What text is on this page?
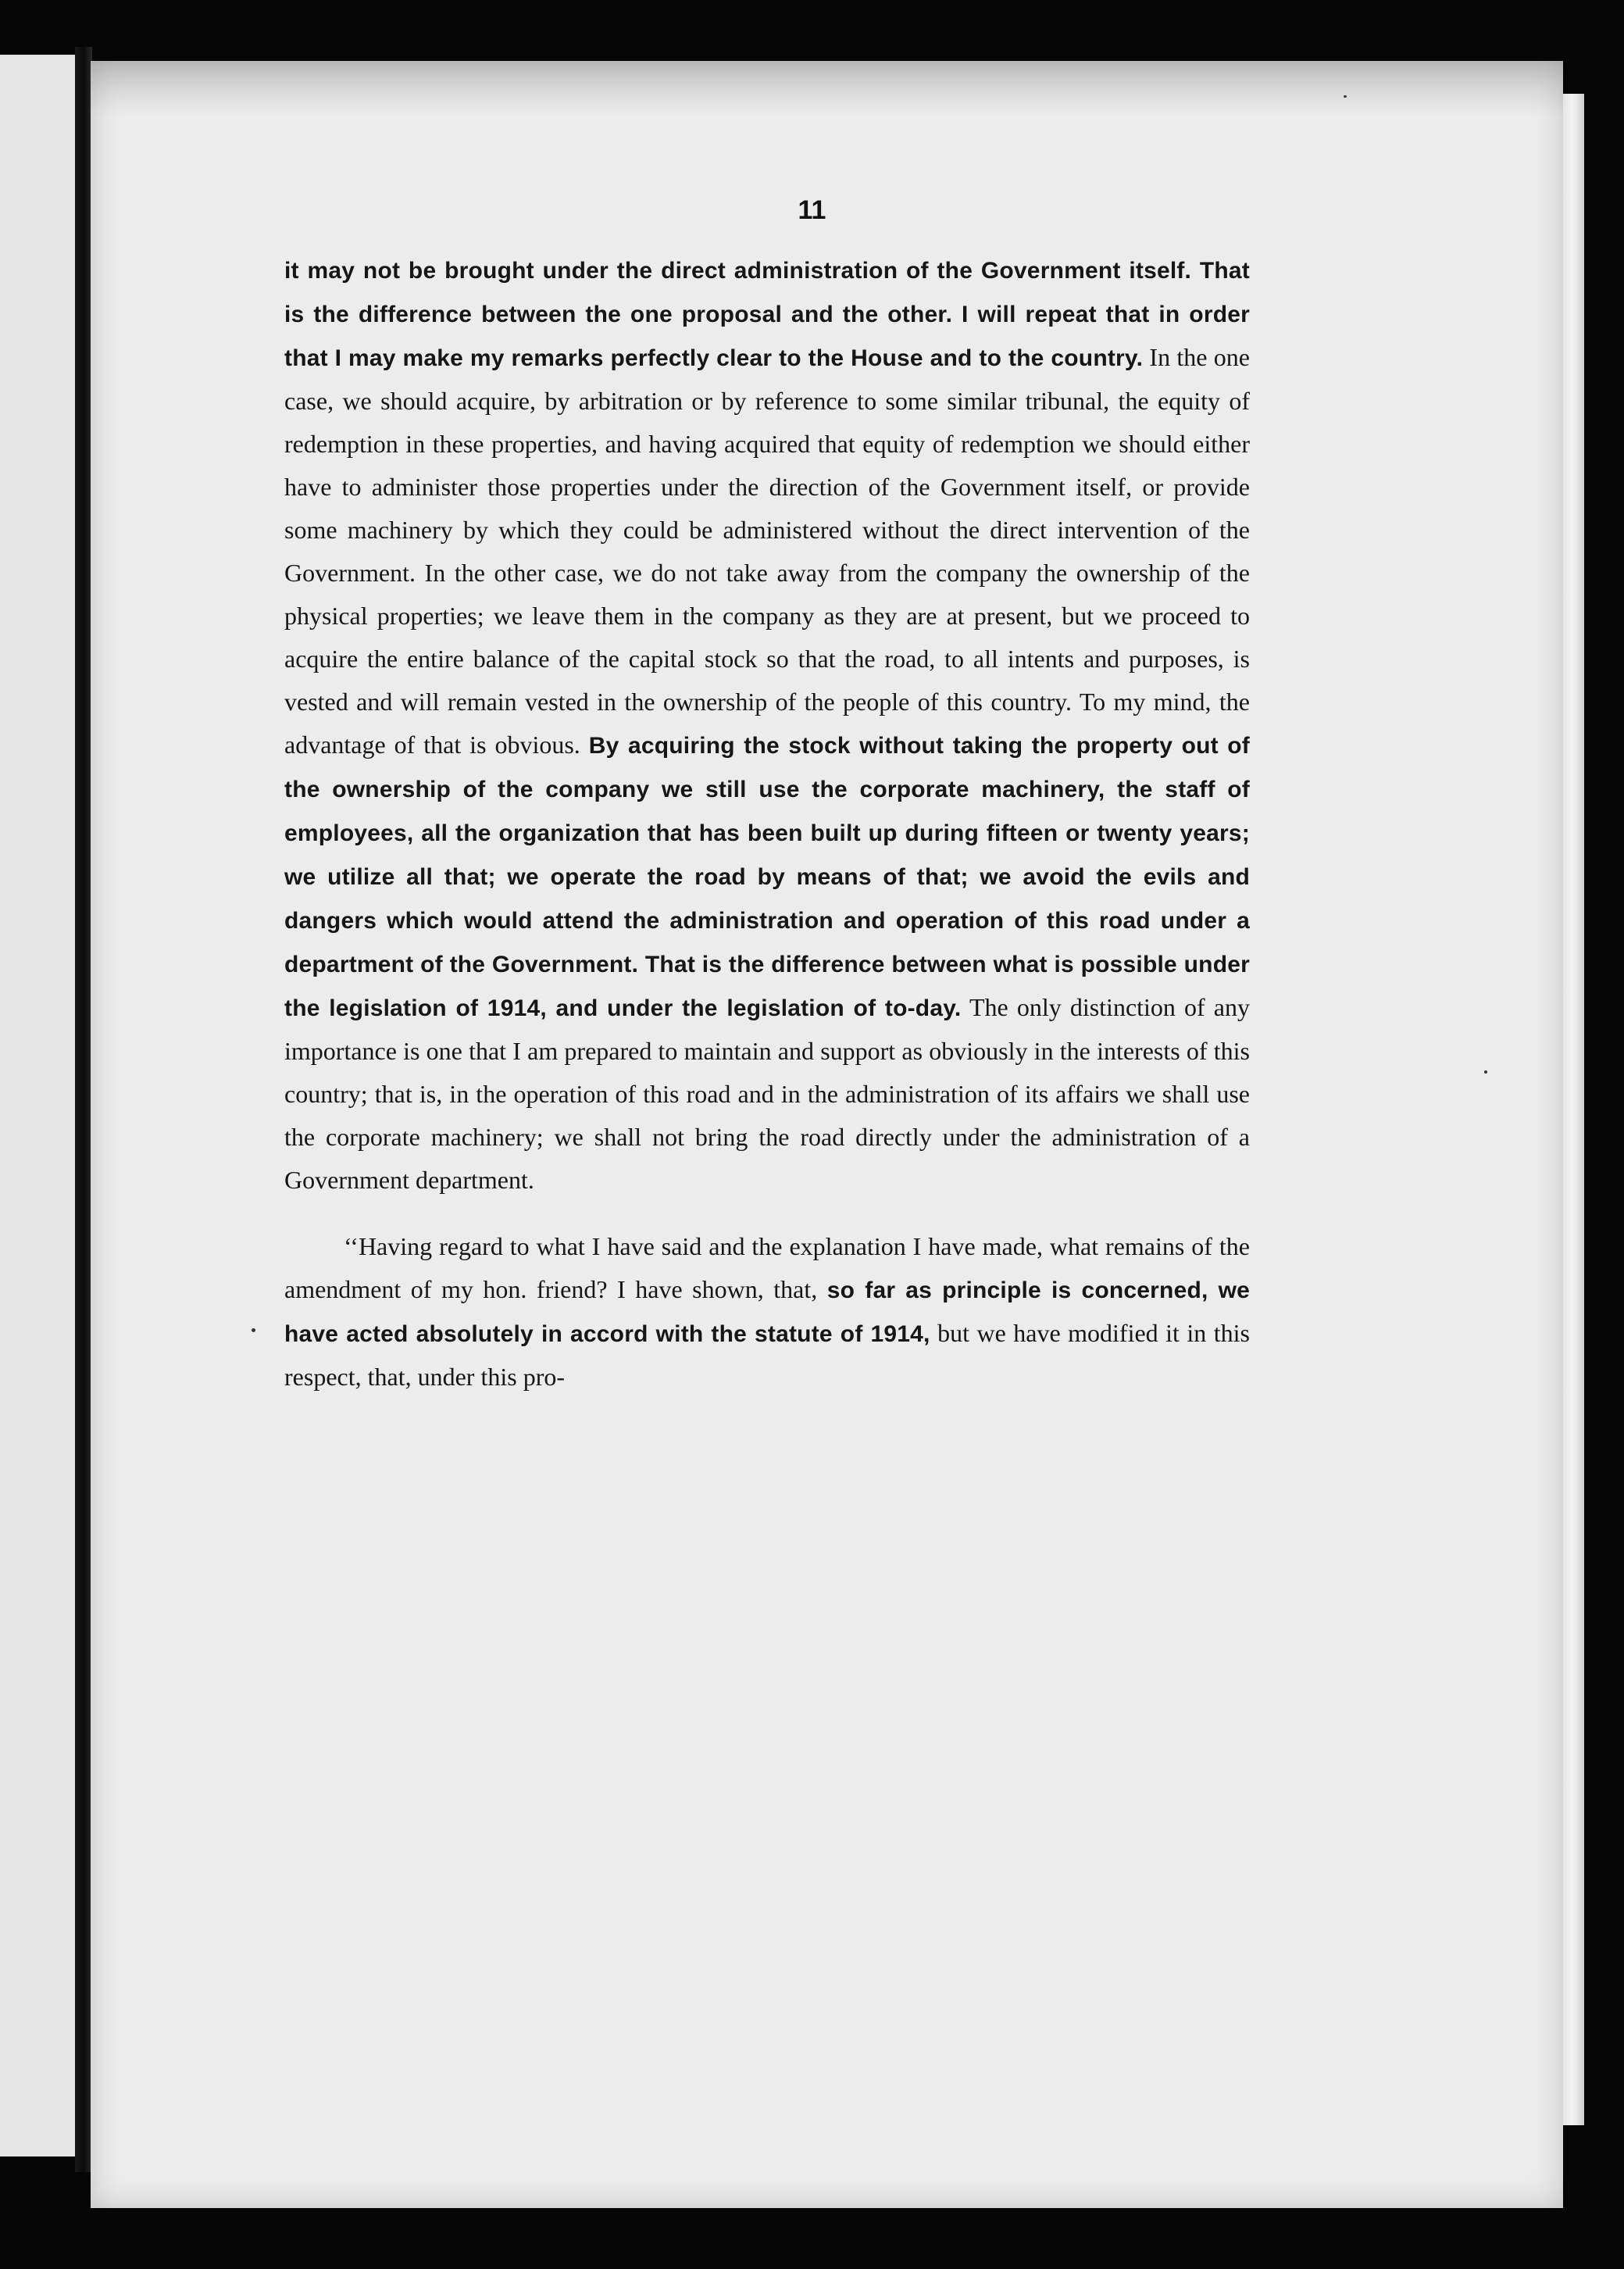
11

it may not be brought under the direct administration of the Government itself. That is the difference between the one proposal and the other. I will repeat that in order that I may make my remarks perfectly clear to the House and to the country. In the one case, we should acquire, by arbitration or by reference to some similar tribunal, the equity of redemption in these properties, and having acquired that equity of redemption we should either have to administer those properties under the direction of the Government itself, or provide some machinery by which they could be administered without the direct intervention of the Government. In the other case, we do not take away from the company the ownership of the physical properties; we leave them in the company as they are at present, but we proceed to acquire the entire balance of the capital stock so that the road, to all intents and purposes, is vested and will remain vested in the ownership of the people of this country. To my mind, the advantage of that is obvious. By acquiring the stock without taking the property out of the ownership of the company we still use the corporate machinery, the staff of employees, all the organization that has been built up during fifteen or twenty years; we utilize all that; we operate the road by means of that; we avoid the evils and dangers which would attend the administration and operation of this road under a department of the Government. That is the difference between what is possible under the legislation of 1914, and under the legislation of to-day. The only distinction of any importance is one that I am prepared to maintain and support as obviously in the interests of this country; that is, in the operation of this road and in the administration of its affairs we shall use the corporate machinery; we shall not bring the road directly under the administration of a Government department.

‘‘Having regard to what I have said and the explanation I have made, what remains of the amendment of my hon. friend? I have shown, that, so far as principle is concerned, we have acted absolutely in accord with the statute of 1914, but we have modified it in this respect, that, under this pro-
